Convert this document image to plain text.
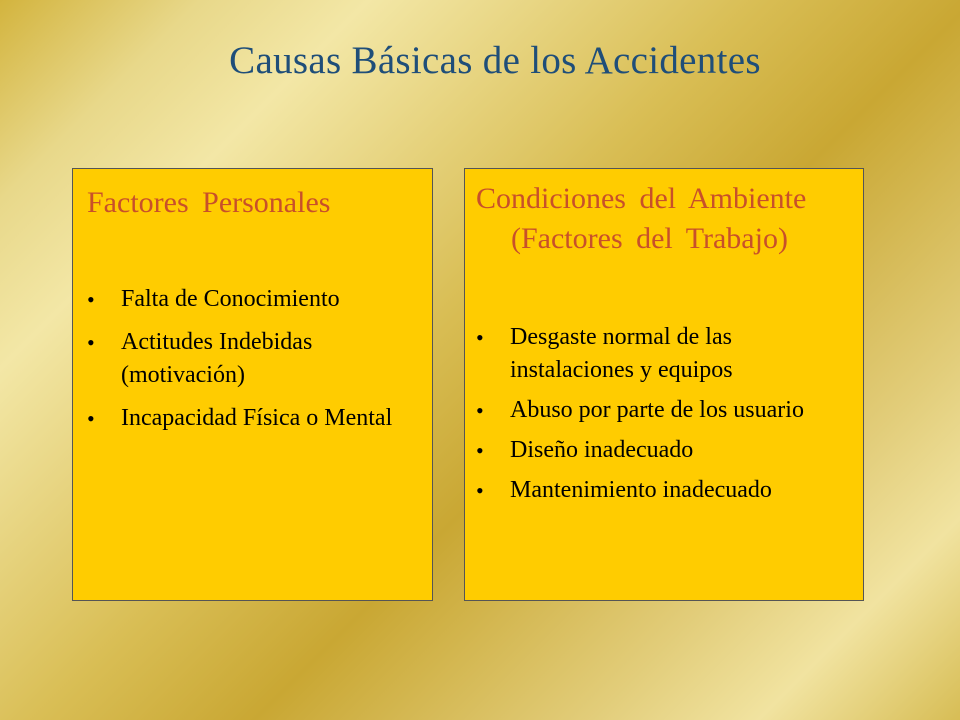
Causas Básicas de los Accidentes
Factores Personales
• Falta de Conocimiento
• Actitudes Indebidas (motivación)
• Incapacidad Física o Mental
Condiciones del Ambiente (Factores del Trabajo)
• Desgaste normal de las instalaciones y equipos
• Abuso por parte de los usuario
• Diseño inadecuado
• Mantenimiento inadecuado
